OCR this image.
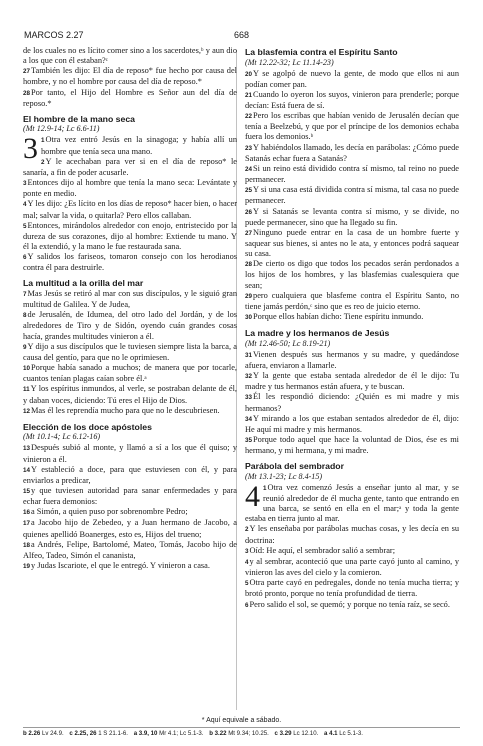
MARCOS 2.27	668

de los cuales no es lícito comer sino a los sacerdotes,ᵇ y aun dio a los que con él estaban?ᶜ

27También les dijo: El día de reposo* fue hecho por causa del hombre, y no el hombre por causa del día de reposo.*

28Por tanto, el Hijo del Hombre es Señor aun del día de reposo.*

El hombre de la mano seca
(Mt 12.9-14; Lc 6.6-11)

3 1Otra vez entró Jesús en la sinagoga; y había allí un hombre que tenía seca una mano.

2Y le acechaban para ver si en el día de reposo* le sanaría, a fin de poder acusarle.

3Entonces dijo al hombre que tenía la mano seca: Levántate y ponte en medio.

4Y les dijo: ¿Es lícito en los días de reposo* hacer bien, o hacer mal; salvar la vida, o quitarla? Pero ellos callaban.

5Entonces, mirándolos alrededor con enojo, entristecido por la dureza de sus corazones, dijo al hombre: Extiende tu mano. Y él la extendió, y la mano le fue restaurada sana.

6Y salidos los fariseos, tomaron consejo con los herodianos contra él para destruirle.

La multitud a la orilla del mar

7Mas Jesús se retiró al mar con sus discípulos, y le siguió gran multitud de Galilea. Y de Judea,

8de Jerusalén, de Idumea, del otro lado del Jordán, y de los alrededores de Tiro y de Sidón, oyendo cuán grandes cosas hacía, grandes multitudes vinieron a él.

9Y dijo a sus discípulos que le tuviesen siempre lista la barca, a causa del gentío, para que no le oprimiesen.

10Porque había sanado a muchos; de manera que por tocarle, cuantos tenían plagas caían sobre él.ᵃ

11Y los espíritus inmundos, al verle, se postraban delante de él, y daban voces, diciendo: Tú eres el Hijo de Dios.

12Mas él les reprendía mucho para que no le descubriesen.

Elección de los doce apóstoles
(Mt 10.1-4; Lc 6.12-16)

13Después subió al monte, y llamó a sí a los que él quiso; y vinieron a él.

14Y estableció a doce, para que estuviesen con él, y para enviarlos a predicar,

15y que tuviesen autoridad para sanar enfermedades y para echar fuera demonios:

16a Simón, a quien puso por sobrenombre Pedro;

17a Jacobo hijo de Zebedeo, y a Juan hermano de Jacobo, a quienes apellidó Boanerges, esto es, Hijos del trueno;

18a Andrés, Felipe, Bartolomé, Mateo, Tomás, Jacobo hijo de Alfeo, Tadeo, Simón el cananista,

19y Judas Iscariote, el que le entregó. Y vinieron a casa.

La blasfemia contra el Espíritu Santo
(Mt 12.22-32; Lc 11.14-23)

20Y se agolpó de nuevo la gente, de modo que ellos ni aun podían comer pan.

21Cuando lo oyeron los suyos, vinieron para prenderle; porque decían: Está fuera de sí.

22Pero los escribas que habían venido de Jerusalén decían que tenía a Beelzebú, y que por el príncipe de los demonios echaba fuera los demonios.ᵇ

23Y habiéndolos llamado, les decía en parábolas: ¿Cómo puede Satanás echar fuera a Satanás?

24Si un reino está dividido contra sí mismo, tal reino no puede permanecer.

25Y si una casa está dividida contra sí misma, tal casa no puede permanecer.

26Y si Satanás se levanta contra sí mismo, y se divide, no puede permanecer, sino que ha llegado su fin.

27Ninguno puede entrar en la casa de un hombre fuerte y saquear sus bienes, si antes no le ata, y entonces podrá saquear su casa.

28De cierto os digo que todos los pecados serán perdonados a los hijos de los hombres, y las blasfemias cualesquiera que sean;

29pero cualquiera que blasfeme contra el Espíritu Santo, no tiene jamás perdón,ᶜ sino que es reo de juicio eterno.

30Porque ellos habían dicho: Tiene espíritu inmundo.

La madre y los hermanos de Jesús
(Mt 12.46-50; Lc 8.19-21)

31Vienen después sus hermanos y su madre, y quedándose afuera, enviaron a llamarle.

32Y la gente que estaba sentada alrededor de él le dijo: Tu madre y tus hermanos están afuera, y te buscan.

33Él les respondió diciendo: ¿Quién es mi madre y mis hermanos?

34Y mirando a los que estaban sentados alrededor de él, dijo: He aquí mi madre y mis hermanos.

35Porque todo aquel que hace la voluntad de Dios, ése es mi hermano, y mi hermana, y mi madre.

Parábola del sembrador
(Mt 13.1-23; Lc 8.4-15)

4 1Otra vez comenzó Jesús a enseñar junto al mar, y se reunió alrededor de él mucha gente, tanto que entrando en una barca, se sentó en ella en el mar;ᵃ y toda la gente estaba en tierra junto al mar.

2Y les enseñaba por parábolas muchas cosas, y les decía en su doctrina:

3Oíd: He aquí, el sembrador salió a sembrar;

4y al sembrar, aconteció que una parte cayó junto al camino, y vinieron las aves del cielo y la comieron.

5Otra parte cayó en pedregales, donde no tenía mucha tierra; y brotó pronto, porque no tenía profundidad de tierra.

6Pero salido el sol, se quemó; y porque no tenía raíz, se secó.

* Aquí equivale a sábado.
b 2.26 Lv 24.9. c 2.25, 26 1 S 21.1-6. a 3.9, 10 Mr 4.1; Lc 5.1-3. b 3.22 Mt 9.34; 10.25. c 3.29 Lc 12.10. a 4.1 Lc 5.1-3.
